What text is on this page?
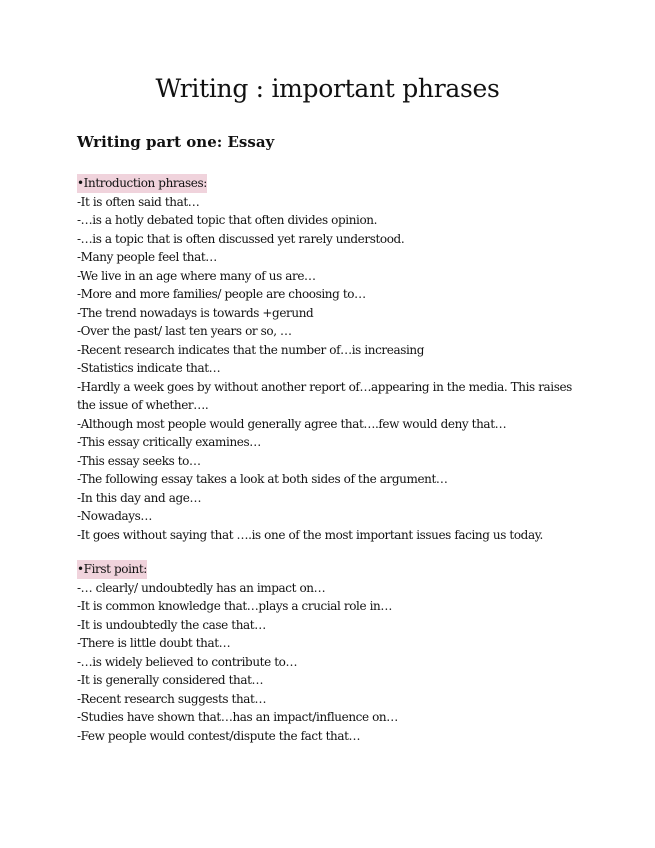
Writing : important phrases
Writing part one: Essay
•Introduction phrases:
-It is often said that…
-…is a hotly debated topic that often divides opinion.
-…is a topic that is often discussed yet rarely understood.
-Many people feel that…
-We live in an age where many of us are…
-More and more families/ people are choosing to…
-The trend nowadays is towards +gerund
-Over the past/ last ten years or so, …
-Recent research indicates that the number of…is increasing
-Statistics indicate that…
-Hardly a week goes by without another report of…appearing in the media. This raises the issue of whether….
-Although most people would generally agree that….few would deny that…
-This essay critically examines…
-This essay seeks to…
-The following essay takes a look at both sides of the argument…
-In this day and age…
-Nowadays…
-It goes without saying that ….is one of the most important issues facing us today.
•First point:
-… clearly/ undoubtedly has an impact on…
-It is common knowledge that…plays a crucial role in…
-It is undoubtedly the case that…
-There is little doubt that…
-…is widely believed to contribute to…
-It is generally considered that…
-Recent research suggests that…
-Studies have shown that…has an impact/influence on…
-Few people would contest/dispute the fact that…
